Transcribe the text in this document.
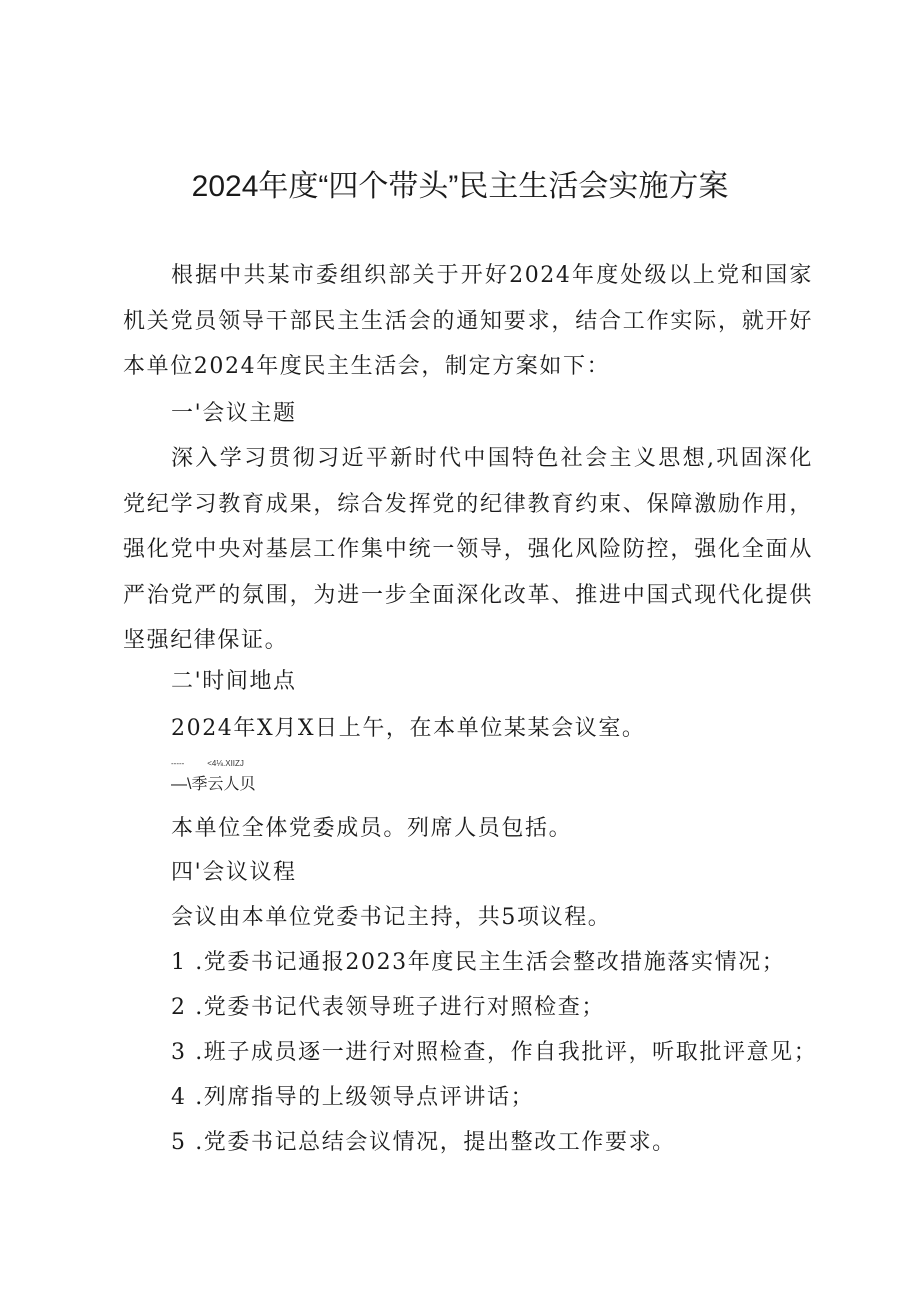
2024年度“四个带头”民主生活会实施方案

根据中共某市委组织部关于开好2024年度处级以上党和国家机关党员领导干部民主生活会的通知要求，结合工作实际，就开好本单位2024年度民主生活会，制定方案如下：

一'会议主题

深入学习贯彻习近平新时代中国特色社会主义思想,巩固深化党纪学习教育成果，综合发挥党的纪律教育约束、保障激励作用，强化党中央对基层工作集中统一领导，强化风险防控，强化全面从严治党严的氛围，为进一步全面深化改革、推进中国式现代化提供坚强纪律保证。

二'时间地点
2024年X月X日上午，在本单位某某会议室。
-----	<4⅛.XIIZJ
—\季云人贝
本单位全体党委成员。列席人员包括。
四'会议议程
会议由本单位党委书记主持，共5项议程。
1 .党委书记通报2023年度民主生活会整改措施落实情况；
2 .党委书记代表领导班子进行对照检查；
3 .班子成员逐一进行对照检查，作自我批评，听取批评意见；
4 .列席指导的上级领导点评讲话；
5 .党委书记总结会议情况，提出整改工作要求。
